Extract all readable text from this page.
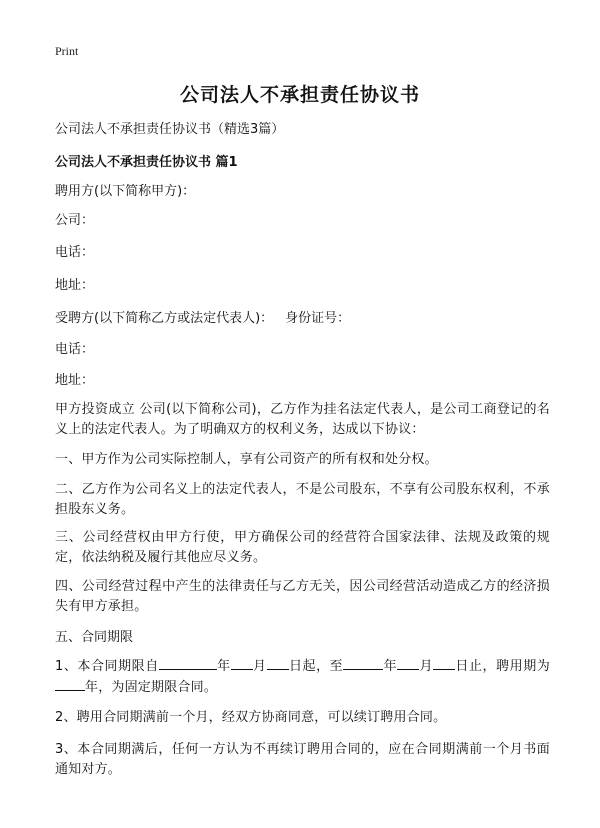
Print
公司法人不承担责任协议书
公司法人不承担责任协议书（精选3篇）
公司法人不承担责任协议书 篇1
聘用方(以下简称甲方)：
公司：
电话：
地址：
受聘方(以下简称乙方或法定代表人)： 身份证号：
电话：
地址：
甲方投资成立 公司(以下简称公司)，乙方作为挂名法定代表人，是公司工商登记的名义上的法定代表人。为了明确双方的权利义务，达成以下协议：
一、甲方作为公司实际控制人，享有公司资产的所有权和处分权。
二、乙方作为公司名义上的法定代表人，不是公司股东，不享有公司股东权利，不承担股东义务。
三、公司经营权由甲方行使，甲方确保公司的经营符合国家法律、法规及政策的规定，依法纳税及履行其他应尽义务。
四、公司经营过程中产生的法律责任与乙方无关，因公司经营活动造成乙方的经济损失有甲方承担。
五、合同期限
1、本合同期限自	年 月 日起，至	年 月 日止，聘用期为年，为固定期限合同。
2、聘用合同期满前一个月，经双方协商同意，可以续订聘用合同。
3、本合同期满后，任何一方认为不再续订聘用合同的，应在合同期满前一个月书面通知对方。
